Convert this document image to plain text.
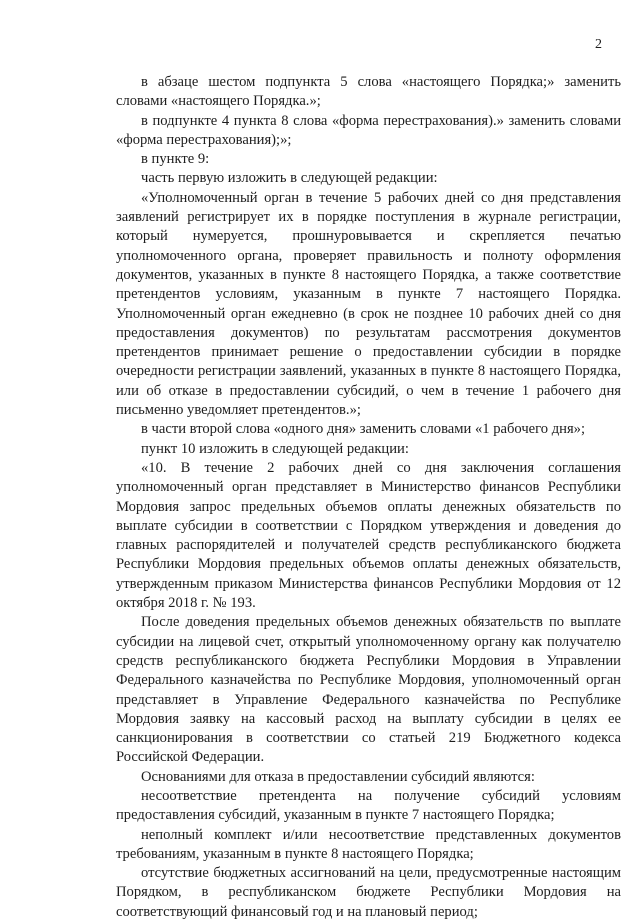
2

в абзаце шестом подпункта 5 слова «настоящего Порядка;» заменить словами «настоящего Порядка.»;

в подпункте 4 пункта 8 слова «форма перестрахования).» заменить словами «форма перестрахования);»;

в пункте 9:

часть первую изложить в следующей редакции:

«Уполномоченный орган в течение 5 рабочих дней со дня представления заявлений регистрирует их в порядке поступления в журнале регистрации, который нумеруется, прошнуровывается и скрепляется печатью уполномоченного органа, проверяет правильность и полноту оформления документов, указанных в пункте 8 настоящего Порядка, а также соответствие претендентов условиям, указанным в пункте 7 настоящего Порядка. Уполномоченный орган ежедневно (в срок не позднее 10 рабочих дней со дня предоставления документов) по результатам рассмотрения документов претендентов принимает решение о предоставлении субсидии в порядке очередности регистрации заявлений, указанных в пункте 8 настоящего Порядка, или об отказе в предоставлении субсидий, о чем в течение 1 рабочего дня письменно уведомляет претендентов.»;

в части второй слова «одного дня» заменить словами «1 рабочего дня»;

пункт 10 изложить в следующей редакции:

«10. В течение 2 рабочих дней со дня заключения соглашения уполномоченный орган представляет в Министерство финансов Республики Мордовия запрос предельных объемов оплаты денежных обязательств по выплате субсидии в соответствии с Порядком утверждения и доведения до главных распорядителей и получателей средств республиканского бюджета Республики Мордовия предельных объемов оплаты денежных обязательств, утвержденным приказом Министерства финансов Республики Мордовия от 12 октября 2018 г. № 193.

После доведения предельных объемов денежных обязательств по выплате субсидии на лицевой счет, открытый уполномоченному органу как получателю средств республиканского бюджета Республики Мордовия в Управлении Федерального казначейства по Республике Мордовия, уполномоченный орган представляет в Управление Федерального казначейства по Республике Мордовия заявку на кассовый расход на выплату субсидии в целях ее санкционирования в соответствии со статьей 219 Бюджетного кодекса Российской Федерации.

Основаниями для отказа в предоставлении субсидий являются:

несоответствие претендента на получение субсидий условиям предоставления субсидий, указанным в пункте 7 настоящего Порядка;

неполный комплект и/или несоответствие представленных документов требованиям, указанным в пункте 8 настоящего Порядка;

отсутствие бюджетных ассигнований на цели, предусмотренные настоящим Порядком, в республиканском бюджете Республики Мордовия на соответствующий финансовый год и на плановый период;
